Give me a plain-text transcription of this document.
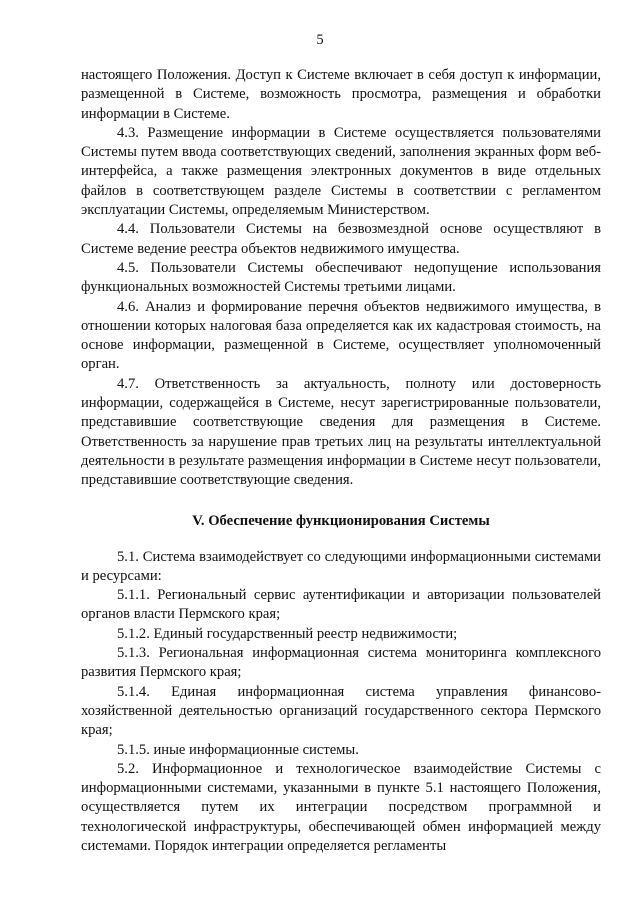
5

настоящего Положения. Доступ к Системе включает в себя доступ к информации, размещенной в Системе, возможность просмотра, размещения и обработки информации в Системе.

4.3. Размещение информации в Системе осуществляется пользователями Системы путем ввода соответствующих сведений, заполнения экранных форм веб-интерфейса, а также размещения электронных документов в виде отдельных файлов в соответствующем разделе Системы в соответствии с регламентом эксплуатации Системы, определяемым Министерством.

4.4. Пользователи Системы на безвозмездной основе осуществляют в Системе ведение реестра объектов недвижимого имущества.

4.5. Пользователи Системы обеспечивают недопущение использования функциональных возможностей Системы третьими лицами.

4.6. Анализ и формирование перечня объектов недвижимого имущества, в отношении которых налоговая база определяется как их кадастровая стоимость, на основе информации, размещенной в Системе, осуществляет уполномоченный орган.

4.7. Ответственность за актуальность, полноту или достоверность информации, содержащейся в Системе, несут зарегистрированные пользователи, представившие соответствующие сведения для размещения в Системе. Ответственность за нарушение прав третьих лиц на результаты интеллектуальной деятельности в результате размещения информации в Системе несут пользователи, представившие соответствующие сведения.

V. Обеспечение функционирования Системы

5.1. Система взаимодействует со следующими информационными системами и ресурсами:

5.1.1. Региональный сервис аутентификации и авторизации пользователей органов власти Пермского края;

5.1.2. Единый государственный реестр недвижимости;

5.1.3. Региональная информационная система мониторинга комплексного развития Пермского края;

5.1.4. Единая информационная система управления финансово-хозяйственной деятельностью организаций государственного сектора Пермского края;

5.1.5. иные информационные системы.

5.2. Информационное и технологическое взаимодействие Системы с информационными системами, указанными в пункте 5.1 настоящего Положения, осуществляется путем их интеграции посредством программной и технологической инфраструктуры, обеспечивающей обмен информацией между системами. Порядок интеграции определяется регламенты
